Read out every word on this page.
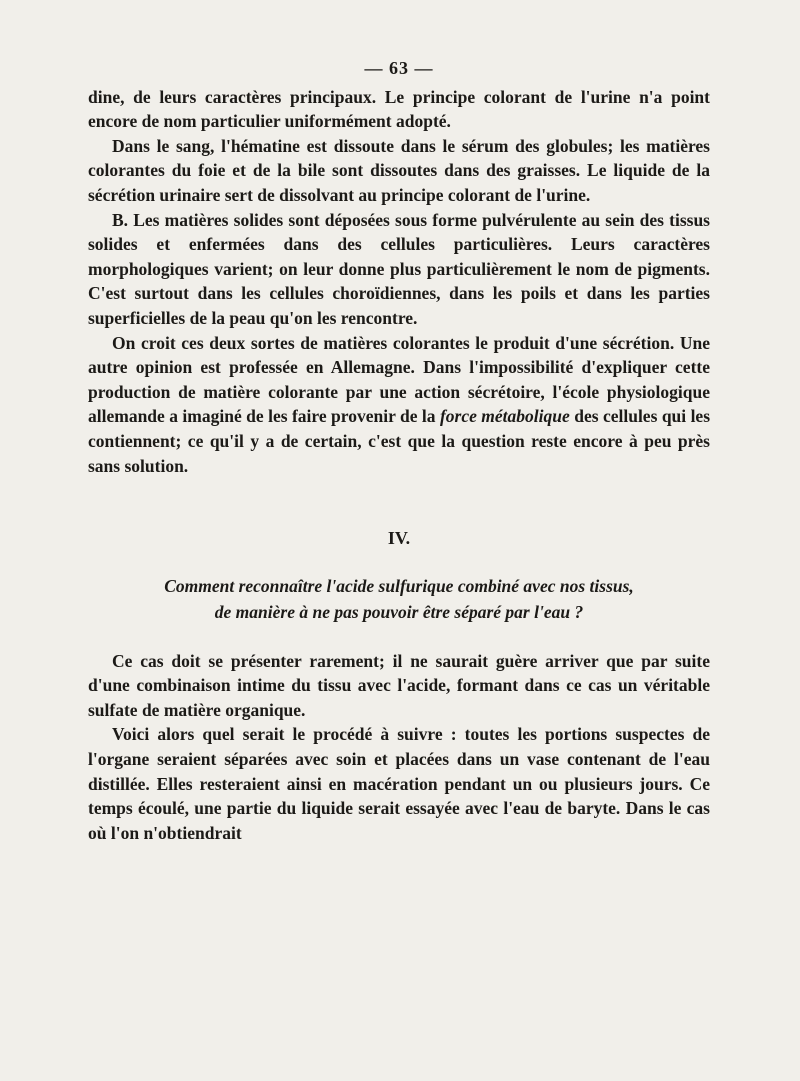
— 63 —

dine, de leurs caractères principaux. Le principe colorant de l'urine n'a point encore de nom particulier uniformément adopté.

Dans le sang, l'hématine est dissoute dans le sérum des globules; les matières colorantes du foie et de la bile sont dissoutes dans des graisses. Le liquide de la sécrétion urinaire sert de dissolvant au principe colorant de l'urine.

B. Les matières solides sont déposées sous forme pulvérulente au sein des tissus solides et enfermées dans des cellules particulières. Leurs caractères morphologiques varient; on leur donne plus particulièrement le nom de pigments. C'est surtout dans les cellules choroïdiennes, dans les poils et dans les parties superficielles de la peau qu'on les rencontre.

On croit ces deux sortes de matières colorantes le produit d'une sécrétion. Une autre opinion est professée en Allemagne. Dans l'impossibilité d'expliquer cette production de matière colorante par une action sécrétoire, l'école physiologique allemande a imaginé de les faire provenir de la force métabolique des cellules qui les contiennent; ce qu'il y a de certain, c'est que la question reste encore à peu près sans solution.

IV.
Comment reconnaître l'acide sulfurique combiné avec nos tissus,
de manière à ne pas pouvoir être séparé par l'eau ?

Ce cas doit se présenter rarement; il ne saurait guère arriver que par suite d'une combinaison intime du tissu avec l'acide, formant dans ce cas un véritable sulfate de matière organique.

Voici alors quel serait le procédé à suivre : toutes les portions suspectes de l'organe seraient séparées avec soin et placées dans un vase contenant de l'eau distillée. Elles resteraient ainsi en macération pendant un ou plusieurs jours. Ce temps écoulé, une partie du liquide serait essayée avec l'eau de baryte. Dans le cas où l'on n'obtiendrait
